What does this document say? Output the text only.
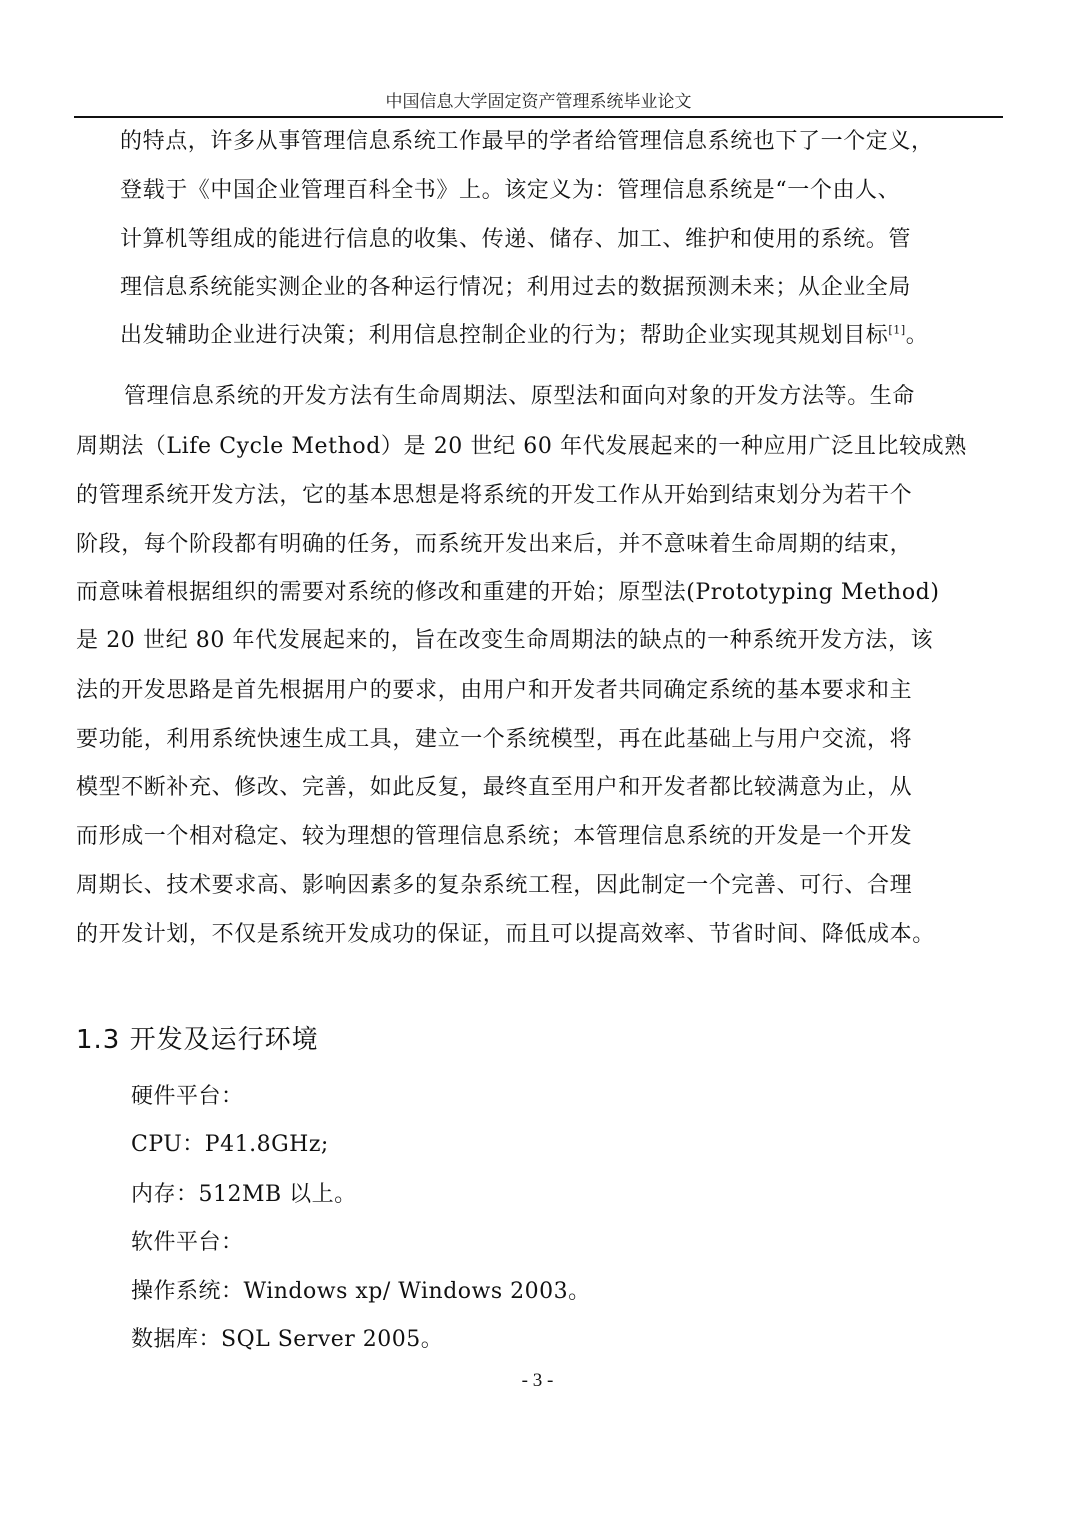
中国信息大学固定资产管理系统毕业论文
的特点，许多从事管理信息系统工作最早的学者给管理信息系统也下了一个定义，
登载于《中国企业管理百科全书》上。该定义为：管理信息系统是“一个由人、
计算机等组成的能进行信息的收集、传递、储存、加工、维护和使用的系统。管
理信息系统能实测企业的各种运行情况；利用过去的数据预测未来；从企业全局
出发辅助企业进行决策；利用信息控制企业的行为；帮助企业实现其规划目标[1]。
管理信息系统的开发方法有生命周期法、原型法和面向对象的开发方法等。生命
周期法（Life Cycle Method）是 20 世纪 60 年代发展起来的一种应用广泛且比较成熟
的管理系统开发方法，它的基本思想是将系统的开发工作从开始到结束划分为若干个
阶段，每个阶段都有明确的任务，而系统开发出来后，并不意味着生命周期的结束，
而意味着根据组织的需要对系统的修改和重建的开始；原型法(Prototyping Method)
是 20 世纪 80 年代发展起来的，旨在改变生命周期法的缺点的一种系统开发方法，该
法的开发思路是首先根据用户的要求，由用户和开发者共同确定系统的基本要求和主
要功能，利用系统快速生成工具，建立一个系统模型，再在此基础上与用户交流，将
模型不断补充、修改、完善，如此反复，最终直至用户和开发者都比较满意为止，从
而形成一个相对稳定、较为理想的管理信息系统；本管理信息系统的开发是一个开发
周期长、技术要求高、影响因素多的复杂系统工程，因此制定一个完善、可行、合理
的开发计划，不仅是系统开发成功的保证，而且可以提高效率、节省时间、降低成本。
1.3 开发及运行环境
硬件平台：
CPU：P41.8GHz;
内存：512MB 以上。
软件平台：
操作系统：Windows xp/ Windows 2003。
数据库：SQL Server 2005。
- 3 -
